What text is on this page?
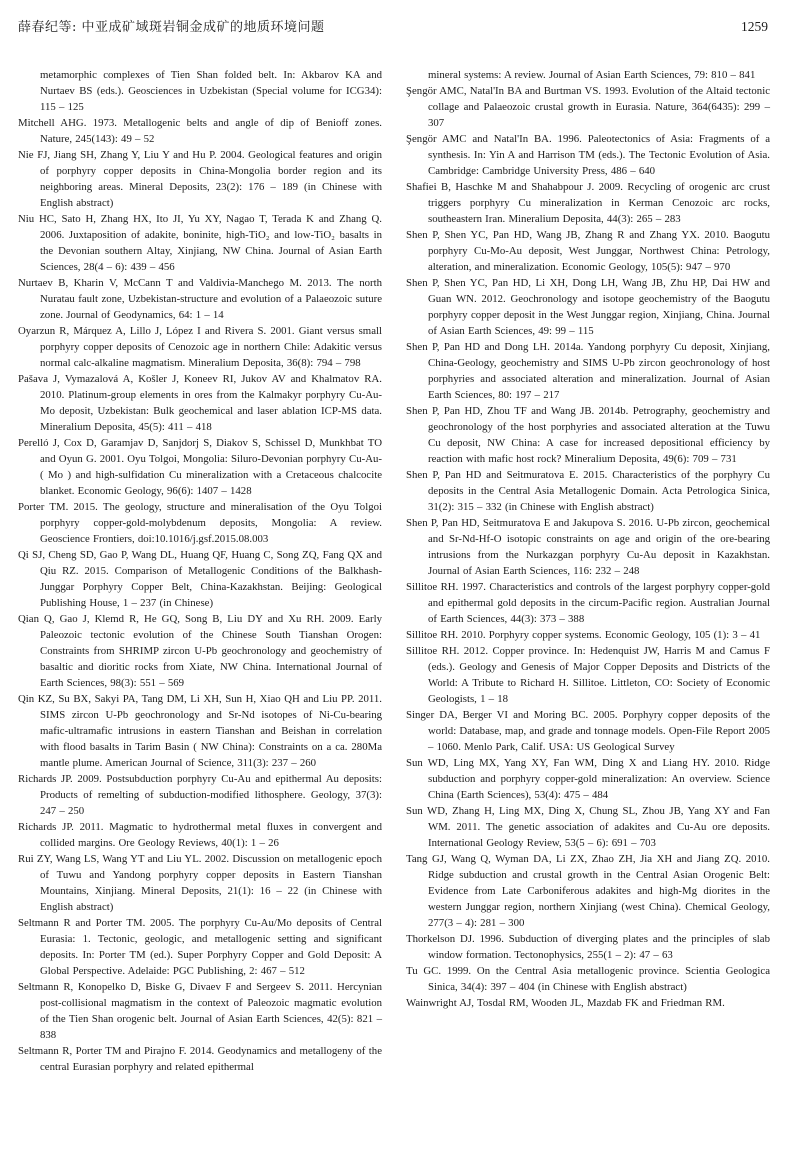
薛春纪等: 中亚成矿域斑岩铜金成矿的地质环境问题	1259

metamorphic complexes of Tien Shan folded belt. In: Akbarov KA and Nurtaev BS (eds.). Geosciences in Uzbekistan (Special volume for ICG34): 115 – 125

Mitchell AHG. 1973. Metallogenic belts and angle of dip of Benioff zones. Nature, 245(143): 49 – 52

Nie FJ, Jiang SH, Zhang Y, Liu Y and Hu P. 2004. Geological features and origin of porphyry copper deposits in China-Mongolia border region and its neighboring areas. Mineral Deposits, 23(2): 176 – 189 (in Chinese with English abstract)

Niu HC, Sato H, Zhang HX, Ito JI, Yu XY, Nagao T, Terada K and Zhang Q. 2006. Juxtaposition of adakite, boninite, high-TiO₂ and low-TiO₂ basalts in the Devonian southern Altay, Xinjiang, NW China. Journal of Asian Earth Sciences, 28(4 – 6): 439 – 456

Nurtaev B, Kharin V, McCann T and Valdivia-Manchego M. 2013. The north Nuratau fault zone, Uzbekistan-structure and evolution of a Palaeozoic suture zone. Journal of Geodynamics, 64: 1 – 14

Oyarzun R, Márquez A, Lillo J, López I and Rivera S. 2001. Giant versus small porphyry copper deposits of Cenozoic age in northern Chile: Adakitic versus normal calc-alkaline magmatism. Mineralium Deposita, 36(8): 794 – 798

Pašava J, Vymazalová A, Košler J, Koneev RI, Jukov AV and Khalmatov RA. 2010. Platinum-group elements in ores from the Kalmakyr porphyry Cu-Au-Mo deposit, Uzbekistan: Bulk geochemical and laser ablation ICP-MS data. Mineralium Deposita, 45(5): 411 – 418

Perelló J, Cox D, Garamjav D, Sanjdorj S, Diakov S, Schissel D, Munkhbat TO and Oyun G. 2001. Oyu Tolgoi, Mongolia: Siluro-Devonian porphyry Cu-Au-( Mo ) and high-sulfidation Cu mineralization with a Cretaceous chalcocite blanket. Economic Geology, 96(6): 1407 – 1428

Porter TM. 2015. The geology, structure and mineralisation of the Oyu Tolgoi porphyry copper-gold-molybdenum deposits, Mongolia: A review. Geoscience Frontiers, doi:10.1016/j.gsf.2015.08.003

Qi SJ, Cheng SD, Gao P, Wang DL, Huang QF, Huang C, Song ZQ, Fang QX and Qiu RZ. 2015. Comparison of Metallogenic Conditions of the Balkhash-Junggar Porphyry Copper Belt, China-Kazakhstan. Beijing: Geological Publishing House, 1 – 237 (in Chinese)

Qian Q, Gao J, Klemd R, He GQ, Song B, Liu DY and Xu RH. 2009. Early Paleozoic tectonic evolution of the Chinese South Tianshan Orogen: Constraints from SHRIMP zircon U-Pb geochronology and geochemistry of basaltic and dioritic rocks from Xiate, NW China. International Journal of Earth Sciences, 98(3): 551 – 569

Qin KZ, Su BX, Sakyi PA, Tang DM, Li XH, Sun H, Xiao QH and Liu PP. 2011. SIMS zircon U-Pb geochronology and Sr-Nd isotopes of Ni-Cu-bearing mafic-ultramafic intrusions in eastern Tianshan and Beishan in correlation with flood basalts in Tarim Basin ( NW China): Constraints on a ca. 280Ma mantle plume. American Journal of Science, 311(3): 237 – 260

Richards JP. 2009. Postsubduction porphyry Cu-Au and epithermal Au deposits: Products of remelting of subduction-modified lithosphere. Geology, 37(3): 247 – 250

Richards JP. 2011. Magmatic to hydrothermal metal fluxes in convergent and collided margins. Ore Geology Reviews, 40(1): 1 – 26

Rui ZY, Wang LS, Wang YT and Liu YL. 2002. Discussion on metallogenic epoch of Tuwu and Yandong porphyry copper deposits in Eastern Tianshan Mountains, Xinjiang. Mineral Deposits, 21(1): 16 – 22 (in Chinese with English abstract)

Seltmann R and Porter TM. 2005. The porphyry Cu-Au/Mo deposits of Central Eurasia: 1. Tectonic, geologic, and metallogenic setting and significant deposits. In: Porter TM (ed.). Super Porphyry Copper and Gold Deposit: A Global Perspective. Adelaide: PGC Publishing, 2: 467 – 512

Seltmann R, Konopelko D, Biske G, Divaev F and Sergeev S. 2011. Hercynian post-collisional magmatism in the context of Paleozoic magmatic evolution of the Tien Shan orogenic belt. Journal of Asian Earth Sciences, 42(5): 821 – 838

Seltmann R, Porter TM and Pirajno F. 2014. Geodynamics and metallogeny of the central Eurasian porphyry and related epithermal

mineral systems: A review. Journal of Asian Earth Sciences, 79: 810 – 841

Şengör AMC, Natal'In BA and Burtman VS. 1993. Evolution of the Altaid tectonic collage and Palaeozoic crustal growth in Eurasia. Nature, 364(6435): 299 – 307

Şengör AMC and Natal'In BA. 1996. Paleotectonics of Asia: Fragments of a synthesis. In: Yin A and Harrison TM (eds.). The Tectonic Evolution of Asia. Cambridge: Cambridge University Press, 486 – 640

Shafiei B, Haschke M and Shahabpour J. 2009. Recycling of orogenic arc crust triggers porphyry Cu mineralization in Kerman Cenozoic arc rocks, southeastern Iran. Mineralium Deposita, 44(3): 265 – 283

Shen P, Shen YC, Pan HD, Wang JB, Zhang R and Zhang YX. 2010. Baogutu porphyry Cu-Mo-Au deposit, West Junggar, Northwest China: Petrology, alteration, and mineralization. Economic Geology, 105(5): 947 – 970

Shen P, Shen YC, Pan HD, Li XH, Dong LH, Wang JB, Zhu HP, Dai HW and Guan WN. 2012. Geochronology and isotope geochemistry of the Baogutu porphyry copper deposit in the West Junggar region, Xinjiang, China. Journal of Asian Earth Sciences, 49: 99 – 115

Shen P, Pan HD and Dong LH. 2014a. Yandong porphyry Cu deposit, Xinjiang, China-Geology, geochemistry and SIMS U-Pb zircon geochronology of host porphyries and associated alteration and mineralization. Journal of Asian Earth Sciences, 80: 197 – 217

Shen P, Pan HD, Zhou TF and Wang JB. 2014b. Petrography, geochemistry and geochronology of the host porphyries and associated alteration at the Tuwu Cu deposit, NW China: A case for increased depositional efficiency by reaction with mafic host rock? Mineralium Deposita, 49(6): 709 – 731

Shen P, Pan HD and Seitmuratova E. 2015. Characteristics of the porphyry Cu deposits in the Central Asia Metallogenic Domain. Acta Petrologica Sinica, 31(2): 315 – 332 (in Chinese with English abstract)

Shen P, Pan HD, Seitmuratova E and Jakupova S. 2016. U-Pb zircon, geochemical and Sr-Nd-Hf-O isotopic constraints on age and origin of the ore-bearing intrusions from the Nurkazgan porphyry Cu-Au deposit in Kazakhstan. Journal of Asian Earth Sciences, 116: 232 – 248

Sillitoe RH. 1997. Characteristics and controls of the largest porphyry copper-gold and epithermal gold deposits in the circum-Pacific region. Australian Journal of Earth Sciences, 44(3): 373 – 388

Sillitoe RH. 2010. Porphyry copper systems. Economic Geology, 105 (1): 3 – 41

Sillitoe RH. 2012. Copper province. In: Hedenquist JW, Harris M and Camus F (eds.). Geology and Genesis of Major Copper Deposits and Districts of the World: A Tribute to Richard H. Sillitoe. Littleton, CO: Society of Economic Geologists, 1 – 18

Singer DA, Berger VI and Moring BC. 2005. Porphyry copper deposits of the world: Database, map, and grade and tonnage models. Open-File Report 2005 – 1060. Menlo Park, Calif. USA: US Geological Survey

Sun WD, Ling MX, Yang XY, Fan WM, Ding X and Liang HY. 2010. Ridge subduction and porphyry copper-gold mineralization: An overview. Science China (Earth Sciences), 53(4): 475 – 484

Sun WD, Zhang H, Ling MX, Ding X, Chung SL, Zhou JB, Yang XY and Fan WM. 2011. The genetic association of adakites and Cu-Au ore deposits. International Geology Review, 53(5 – 6): 691 – 703

Tang GJ, Wang Q, Wyman DA, Li ZX, Zhao ZH, Jia XH and Jiang ZQ. 2010. Ridge subduction and crustal growth in the Central Asian Orogenic Belt: Evidence from Late Carboniferous adakites and high-Mg diorites in the western Junggar region, northern Xinjiang (west China). Chemical Geology, 277(3 – 4): 281 – 300

Thorkelson DJ. 1996. Subduction of diverging plates and the principles of slab window formation. Tectonophysics, 255(1 – 2): 47 – 63

Tu GC. 1999. On the Central Asia metallogenic province. Scientia Geologica Sinica, 34(4): 397 – 404 (in Chinese with English abstract)

Wainwright AJ, Tosdal RM, Wooden JL, Mazdab FK and Friedman RM.
